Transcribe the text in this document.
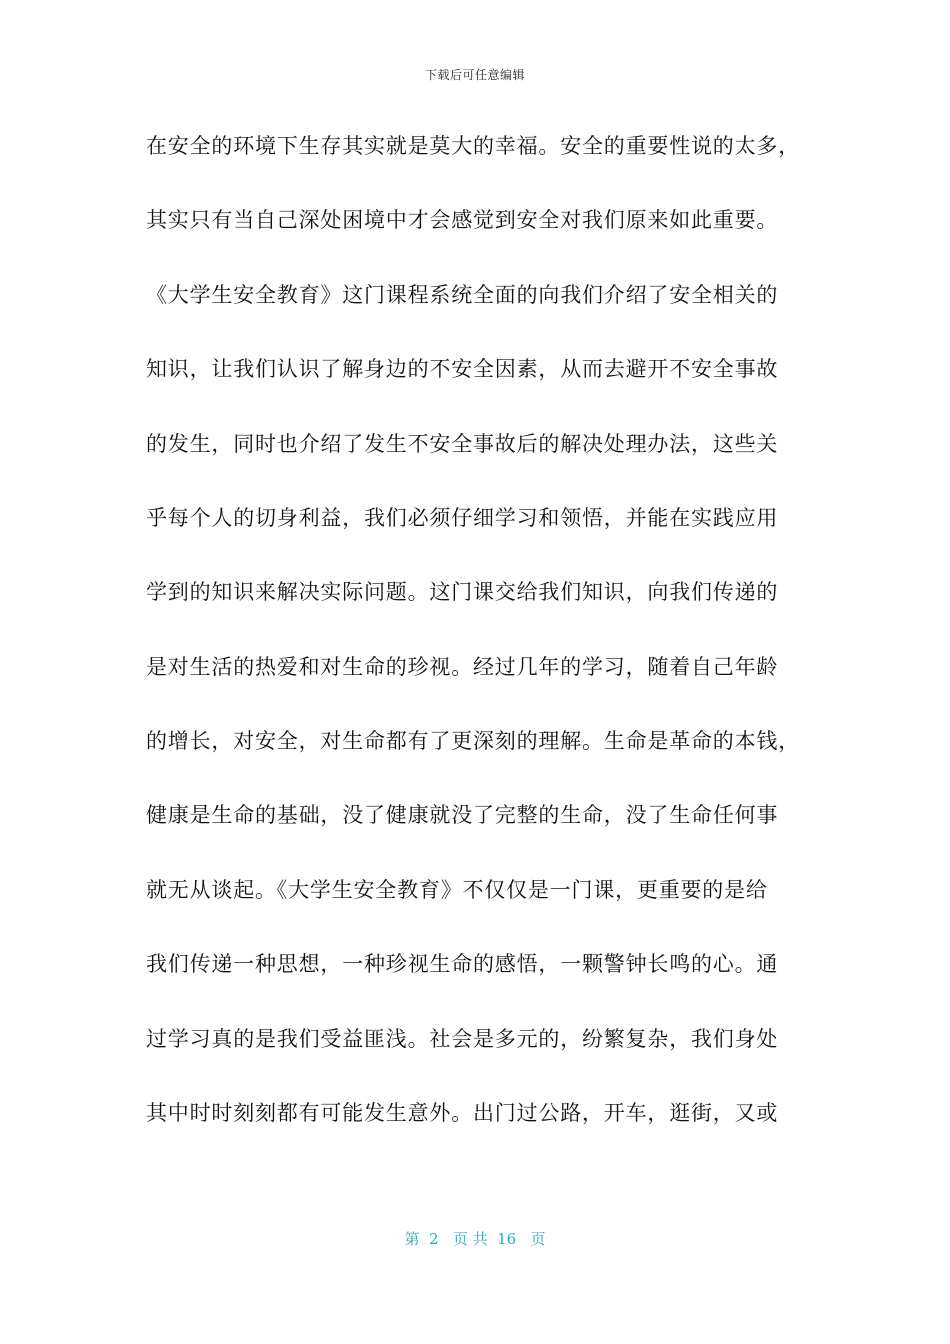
下载后可任意编辑
在安全的环境下生存其实就是莫大的幸福。安全的重要性说的太多，
其实只有当自己深处困境中才会感觉到安全对我们原来如此重要。
《大学生安全教育》这门课程系统全面的向我们介绍了安全相关的
知识，让我们认识了解身边的不安全因素，从而去避开不安全事故
的发生，同时也介绍了发生不安全事故后的解决处理办法，这些关
乎每个人的切身利益，我们必须仔细学习和领悟，并能在实践应用
学到的知识来解决实际问题。这门课交给我们知识，向我们传递的
是对生活的热爱和对生命的珍视。经过几年的学习，随着自己年龄
的增长，对安全，对生命都有了更深刻的理解。生命是革命的本钱，
健康是生命的基础，没了健康就没了完整的生命，没了生命任何事
就无从谈起。《大学生安全教育》不仅仅是一门课，更重要的是给
我们传递一种思想，一种珍视生命的感悟，一颗警钟长鸣的心。通
过学习真的是我们受益匪浅。社会是多元的，纷繁复杂，我们身处
其中时时刻刻都有可能发生意外。出门过公路，开车，逛街，又或
第  2   页 共  16   页
